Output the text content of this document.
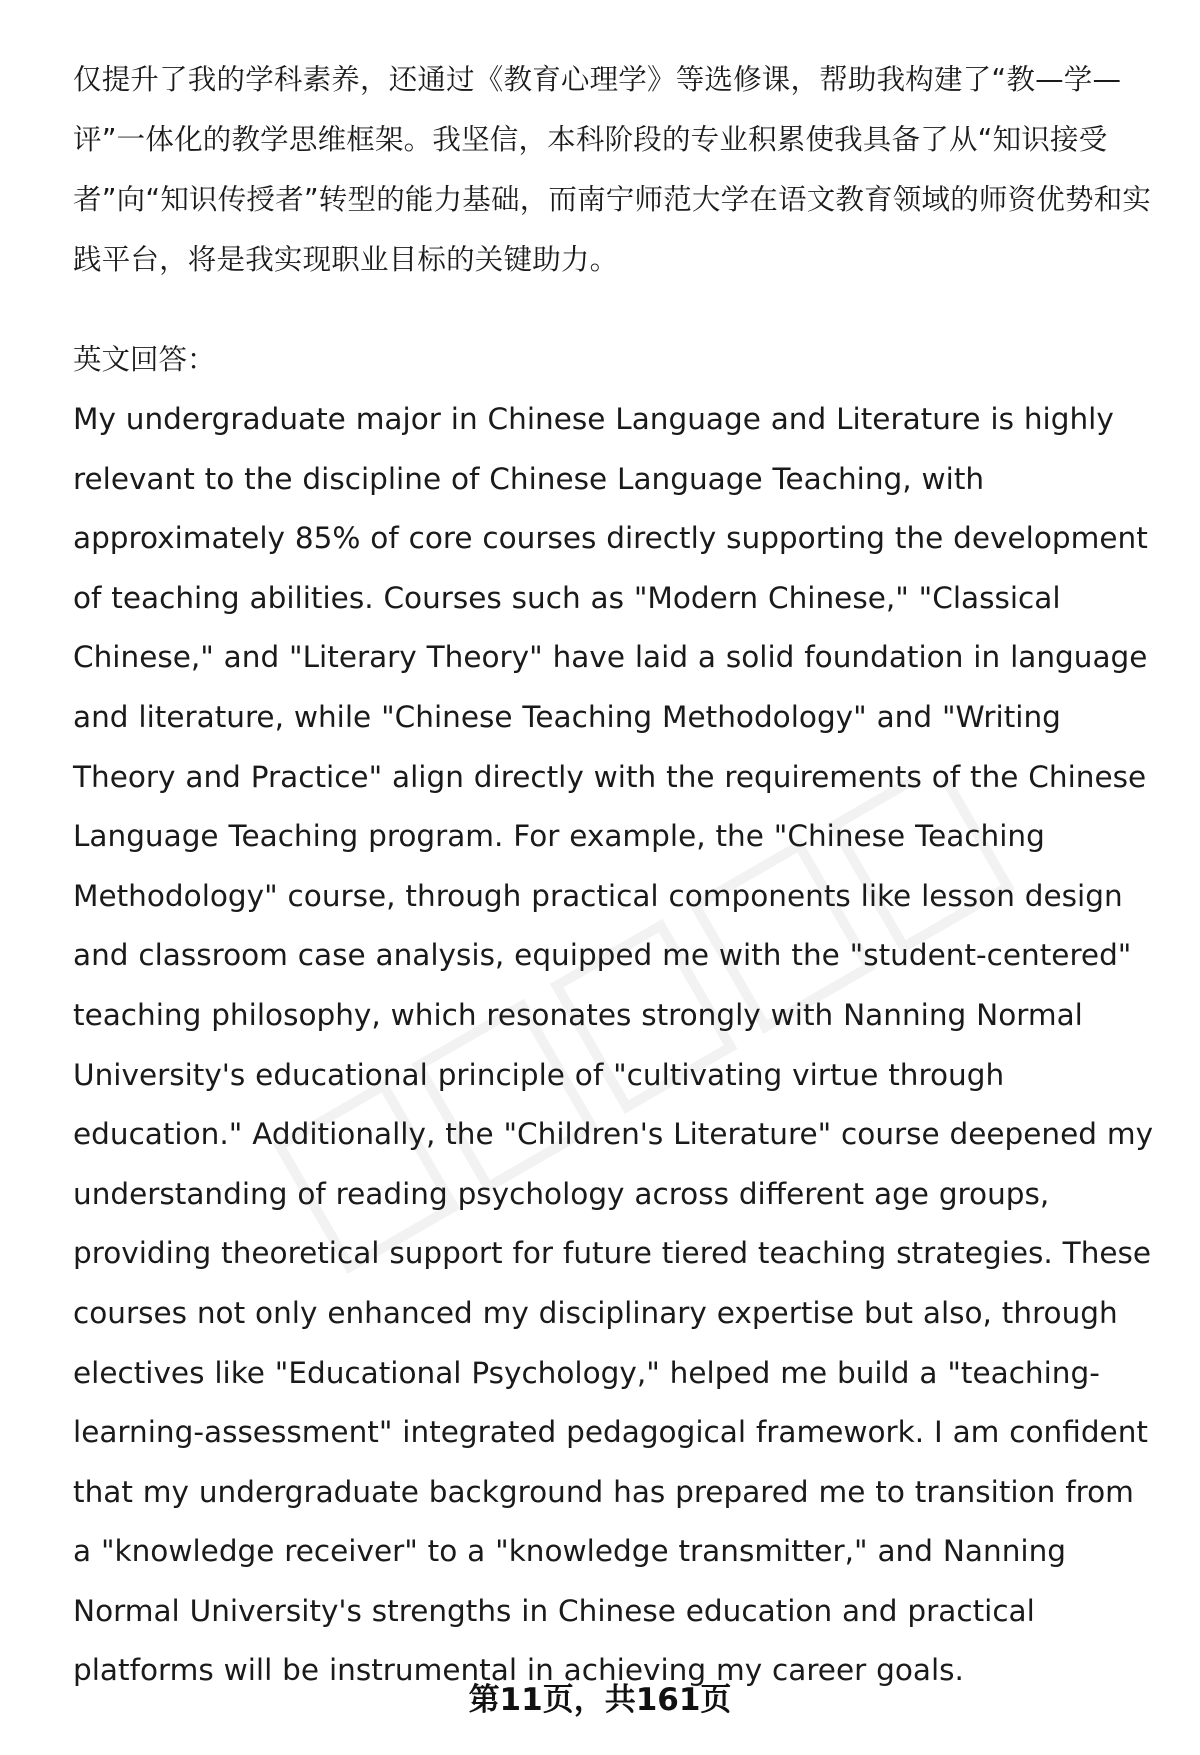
仅提升了我的学科素养，还通过《教育心理学》等选修课，帮助我构建了“教—学—评”一体化的教学思维框架。我坚信，本科阶段的专业积累使我具备了从“知识接受者”向“知识传授者”转型的能力基础，而南宁师范大学在语文教育领域的师资优势和实践平台，将是我实现职业目标的关键助力。

英文回答：

My undergraduate major in Chinese Language and Literature is highly relevant to the discipline of Chinese Language Teaching, with approximately 85% of core courses directly supporting the development of teaching abilities. Courses such as "Modern Chinese," "Classical Chinese," and "Literary Theory" have laid a solid foundation in language and literature, while "Chinese Teaching Methodology" and "Writing Theory and Practice" align directly with the requirements of the Chinese Language Teaching program. For example, the "Chinese Teaching Methodology" course, through practical components like lesson design and classroom case analysis, equipped me with the "student-centered" teaching philosophy, which resonates strongly with Nanning Normal University's educational principle of "cultivating virtue through education." Additionally, the "Children's Literature" course deepened my understanding of reading psychology across different age groups, providing theoretical support for future tiered teaching strategies. These courses not only enhanced my disciplinary expertise but also, through electives like "Educational Psychology," helped me build a "teaching-learning-assessment" integrated pedagogical framework. I am confident that my undergraduate background has prepared me to transition from a "knowledge receiver" to a "knowledge transmitter," and Nanning Normal University's strengths in Chinese education and practical platforms will be instrumental in achieving my career goals.

第11页，共161页
